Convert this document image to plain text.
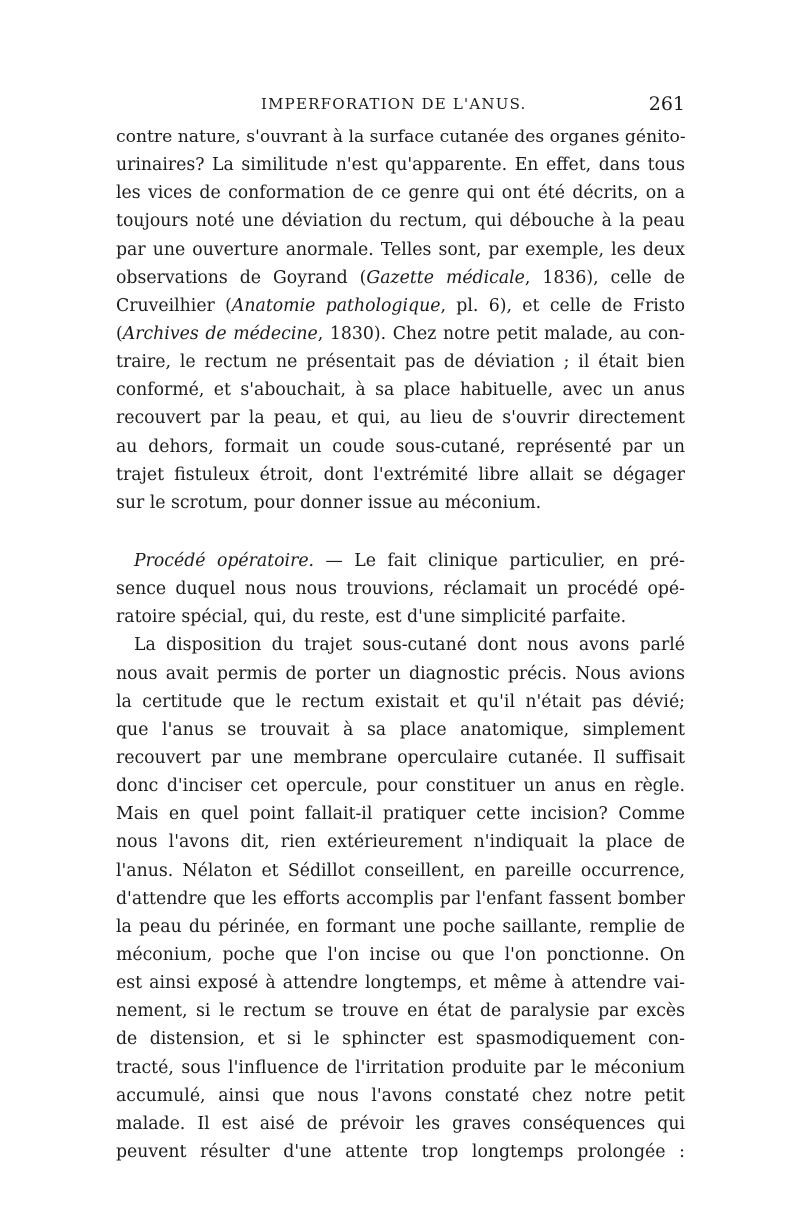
IMPERFORATION DE L'ANUS.	261
contre nature, s'ouvrant à la surface cutanée des organes génito-
urinaires? La similitude n'est qu'apparente. En effet, dans tous
les vices de conformation de ce genre qui ont été décrits, on a
toujours noté une déviation du rectum, qui débouche à la peau
par une ouverture anormale. Telles sont, par exemple, les deux
observations de Goyrand (Gazette médicale, 1836), celle de
Cruveilhier (Anatomie pathologique, pl. 6), et celle de Fristo
(Archives de médecine, 1830). Chez notre petit malade, au con-
traire, le rectum ne présentait pas de déviation ; il était bien
conformé, et s'abouchait, à sa place habituelle, avec un anus
recouvert par la peau, et qui, au lieu de s'ouvrir directement
au dehors, formait un coude sous-cutané, représenté par un
trajet fistuleux étroit, dont l'extrémité libre allait se dégager
sur le scrotum, pour donner issue au méconium.
Procédé opératoire. — Le fait clinique particulier, en pré-
sence duquel nous nous trouvions, réclamait un procédé opé-
ratoire spécial, qui, du reste, est d'une simplicité parfaite.
La disposition du trajet sous-cutané dont nous avons parlé
nous avait permis de porter un diagnostic précis. Nous avions
la certitude que le rectum existait et qu'il n'était pas dévié;
que l'anus se trouvait à sa place anatomique, simplement
recouvert par une membrane operculaire cutanée. Il suffisait
donc d'inciser cet opercule, pour constituer un anus en règle.
Mais en quel point fallait-il pratiquer cette incision? Comme
nous l'avons dit, rien extérieurement n'indiquait la place de
l'anus. Nélaton et Sédillot conseillent, en pareille occurrence,
d'attendre que les efforts accomplis par l'enfant fassent bomber
la peau du périnée, en formant une poche saillante, remplie de
méconium, poche que l'on incise ou que l'on ponctionne. On
est ainsi exposé à attendre longtemps, et même à attendre vai-
nement, si le rectum se trouve en état de paralysie par excès
de distension, et si le sphincter est spasmodiquement con-
tracté, sous l'influence de l'irritation produite par le méconium
accumulé, ainsi que nous l'avons constaté chez notre petit
malade. Il est aisé de prévoir les graves conséquences qui
peuvent résulter d'une attente trop longtemps prolongée :
